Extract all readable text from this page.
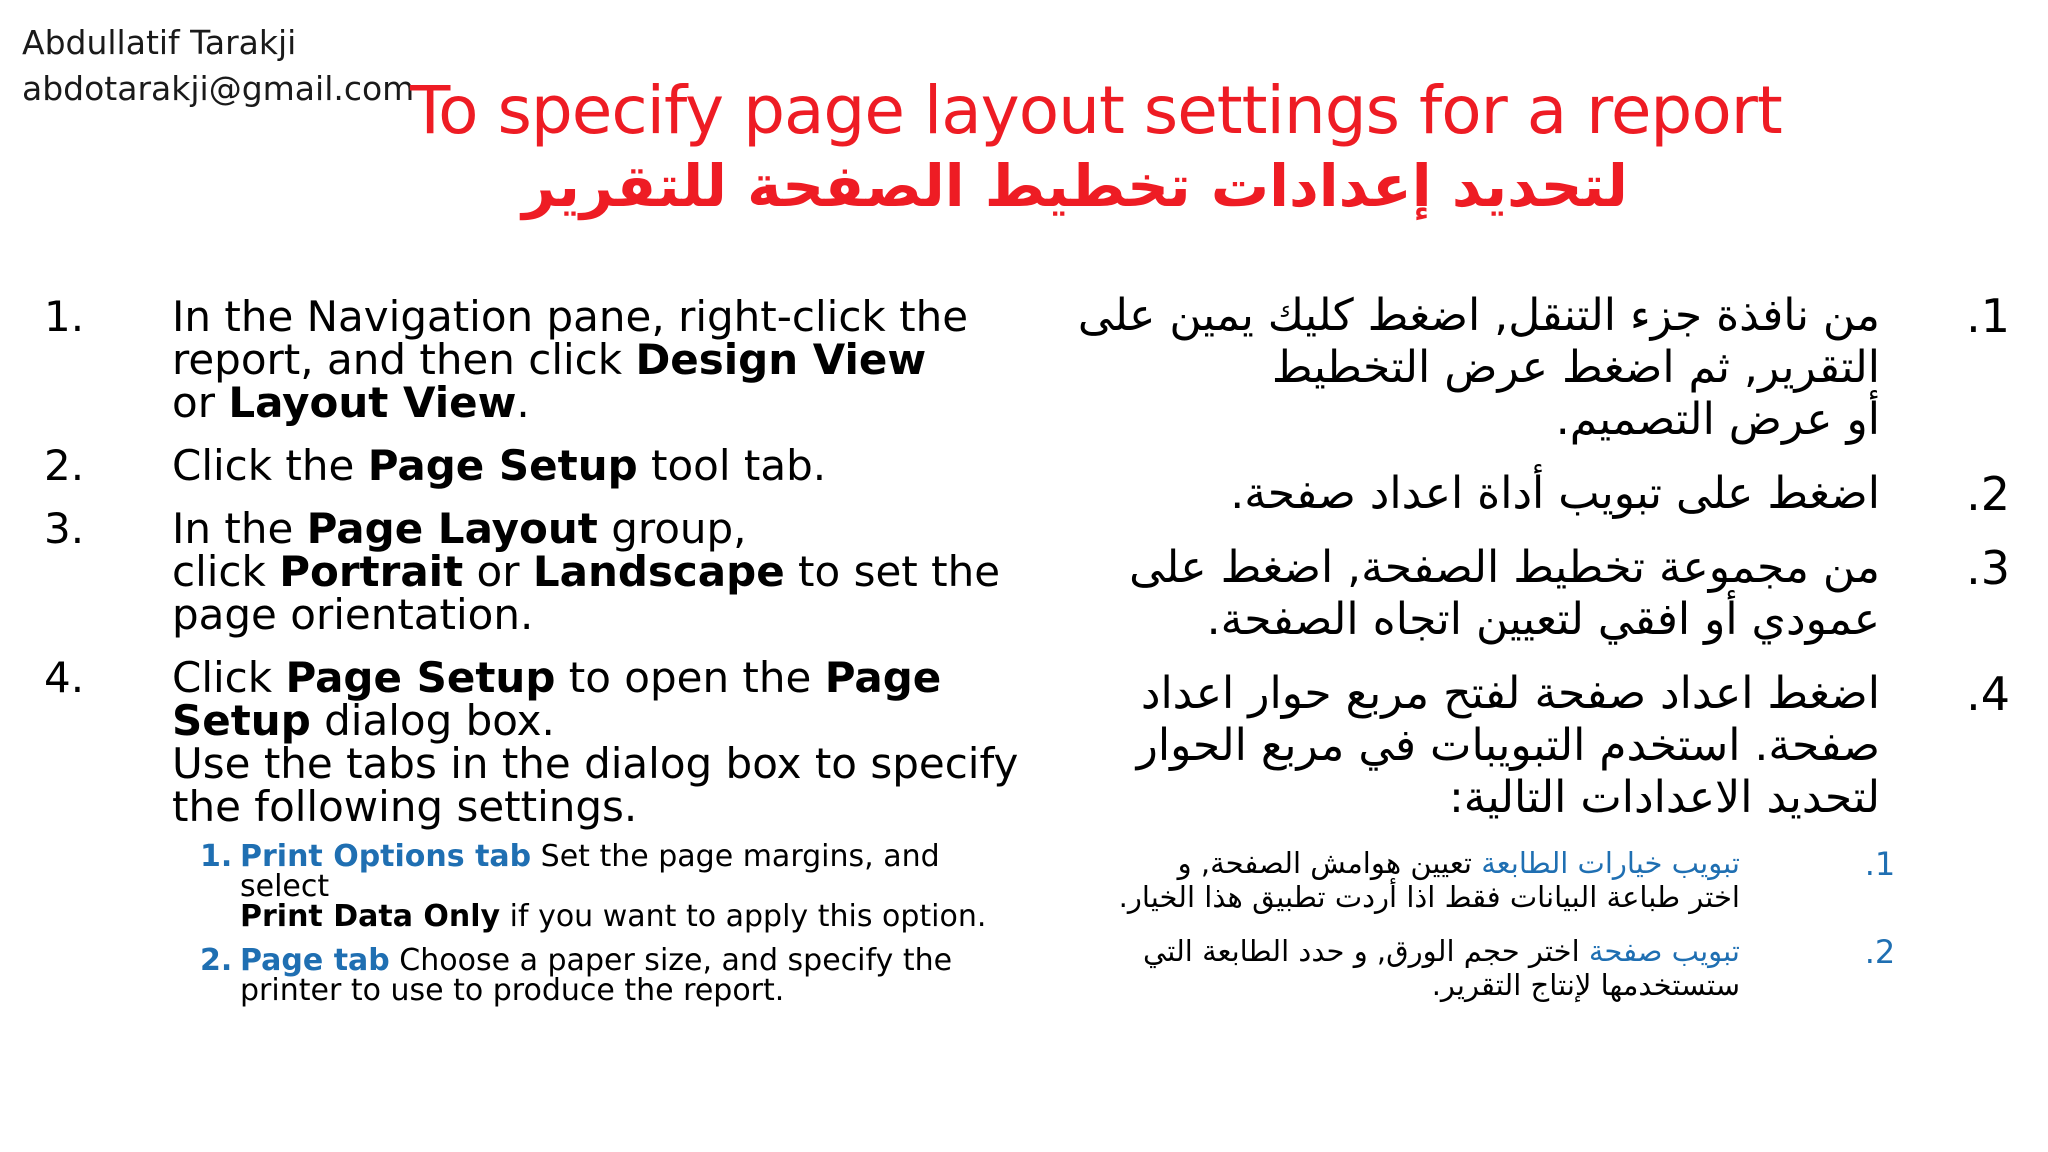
Abdullatif Tarakji
abdotarakji@gmail.com
To specify page layout settings for a report
لتحديد إعدادات تخطيط الصفحة للتقرير
1.	In the Navigation pane, right-click the report, and then click Design View
or Layout View.
2.	Click the Page Setup tool tab.
3.	In the Page Layout group,
click Portrait or Landscape to set the page orientation.
4.	Click Page Setup to open the Page Setup dialog box.
Use the tabs in the dialog box to specify the following settings.
1. Print Options tab Set the page margins, and select
Print Data Only if you want to apply this option.
2. Page tab Choose a paper size, and specify the printer to use to produce the report.
.1
من نافذة جزء التنقل, اضغط كليك يمين على
التقرير, ثم اضغط عرض التخطيط
أو عرض التصميم.
.2
اضغط على تبويب أداة اعداد صفحة.
.3
من مجموعة تخطيط الصفحة, اضغط على
عمودي أو افقي لتعيين اتجاه الصفحة.
.4
اضغط اعداد صفحة لفتح مربع حوار اعداد
صفحة. استخدم التبويبات في مربع الحوار
لتحديد الاعدادات التالية:
.1
تبويب خيارات الطابعة تعيين هوامش الصفحة, و
اختر طباعة البيانات فقط اذا أردت تطبيق هذا الخيار.
.2
تبويب صفحة اختر حجم الورق, و حدد الطابعة التي
ستستخدمها لإنتاج التقرير.
